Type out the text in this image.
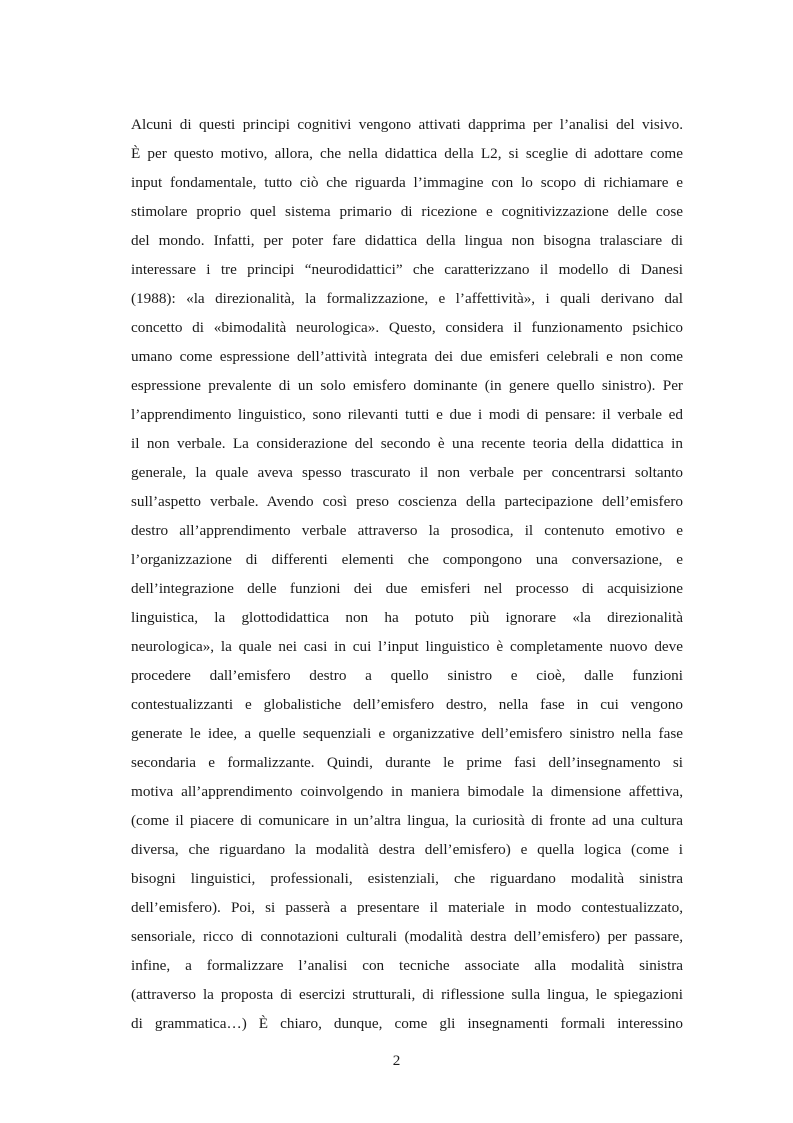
Alcuni di questi principi cognitivi vengono attivati dapprima per l’analisi del visivo.
È per questo motivo, allora, che nella didattica della L2, si sceglie di adottare come
input fondamentale, tutto ciò che riguarda l’immagine con lo scopo di richiamare e
stimolare proprio quel sistema primario di ricezione e cognitivizzazione delle cose
del mondo. Infatti, per poter fare didattica della lingua non bisogna tralasciare di
interessare i tre principi “neurodidattici” che caratterizzano il modello di Danesi
(1988): «la direzionalità, la formalizzazione, e l’affettività», i quali derivano dal
concetto di «bimodalità neurologica». Questo, considera il funzionamento psichico
umano come espressione dell’attività integrata dei due emisferi celebrali e non come
espressione prevalente di un solo emisfero dominante (in genere quello sinistro). Per
l’apprendimento linguistico, sono rilevanti tutti e due i modi di pensare: il verbale ed
il non verbale. La considerazione del secondo è una recente teoria della didattica in
generale, la quale aveva spesso trascurato il non verbale per concentrarsi soltanto
sull’aspetto verbale. Avendo così preso coscienza della partecipazione dell’emisfero
destro all’apprendimento verbale attraverso la prosodica, il contenuto emotivo e
l’organizzazione di differenti elementi che compongono una conversazione, e
dell’integrazione delle funzioni dei due emisferi nel processo di acquisizione
linguistica, la glottodidattica non ha potuto più ignorare «la direzionalità
neurologica», la quale nei casi in cui l’input linguistico è completamente nuovo deve
procedere dall’emisfero destro a quello sinistro e cioè, dalle funzioni
contestualizzanti e globalistiche dell’emisfero destro, nella fase in cui vengono
generate le idee, a quelle sequenziali e organizzative dell’emisfero sinistro nella fase
secondaria e formalizzante. Quindi, durante le prime fasi dell’insegnamento si
motiva all’apprendimento coinvolgendo in maniera bimodale la dimensione affettiva,
(come il piacere di comunicare in un’altra lingua, la curiosità di fronte ad una cultura
diversa, che riguardano la modalità destra dell’emisfero) e quella logica (come i
bisogni linguistici, professionali, esistenziali, che riguardano modalità sinistra
dell’emisfero). Poi, si passerà a presentare il materiale in modo contestualizzato,
sensoriale, ricco di connotazioni culturali (modalità destra dell’emisfero) per passare,
infine, a formalizzare l’analisi con tecniche associate alla modalità sinistra
(attraverso la proposta di esercizi strutturali, di riflessione sulla lingua, le spiegazioni
di grammatica…) È chiaro, dunque, come gli insegnamenti formali interessino
2
